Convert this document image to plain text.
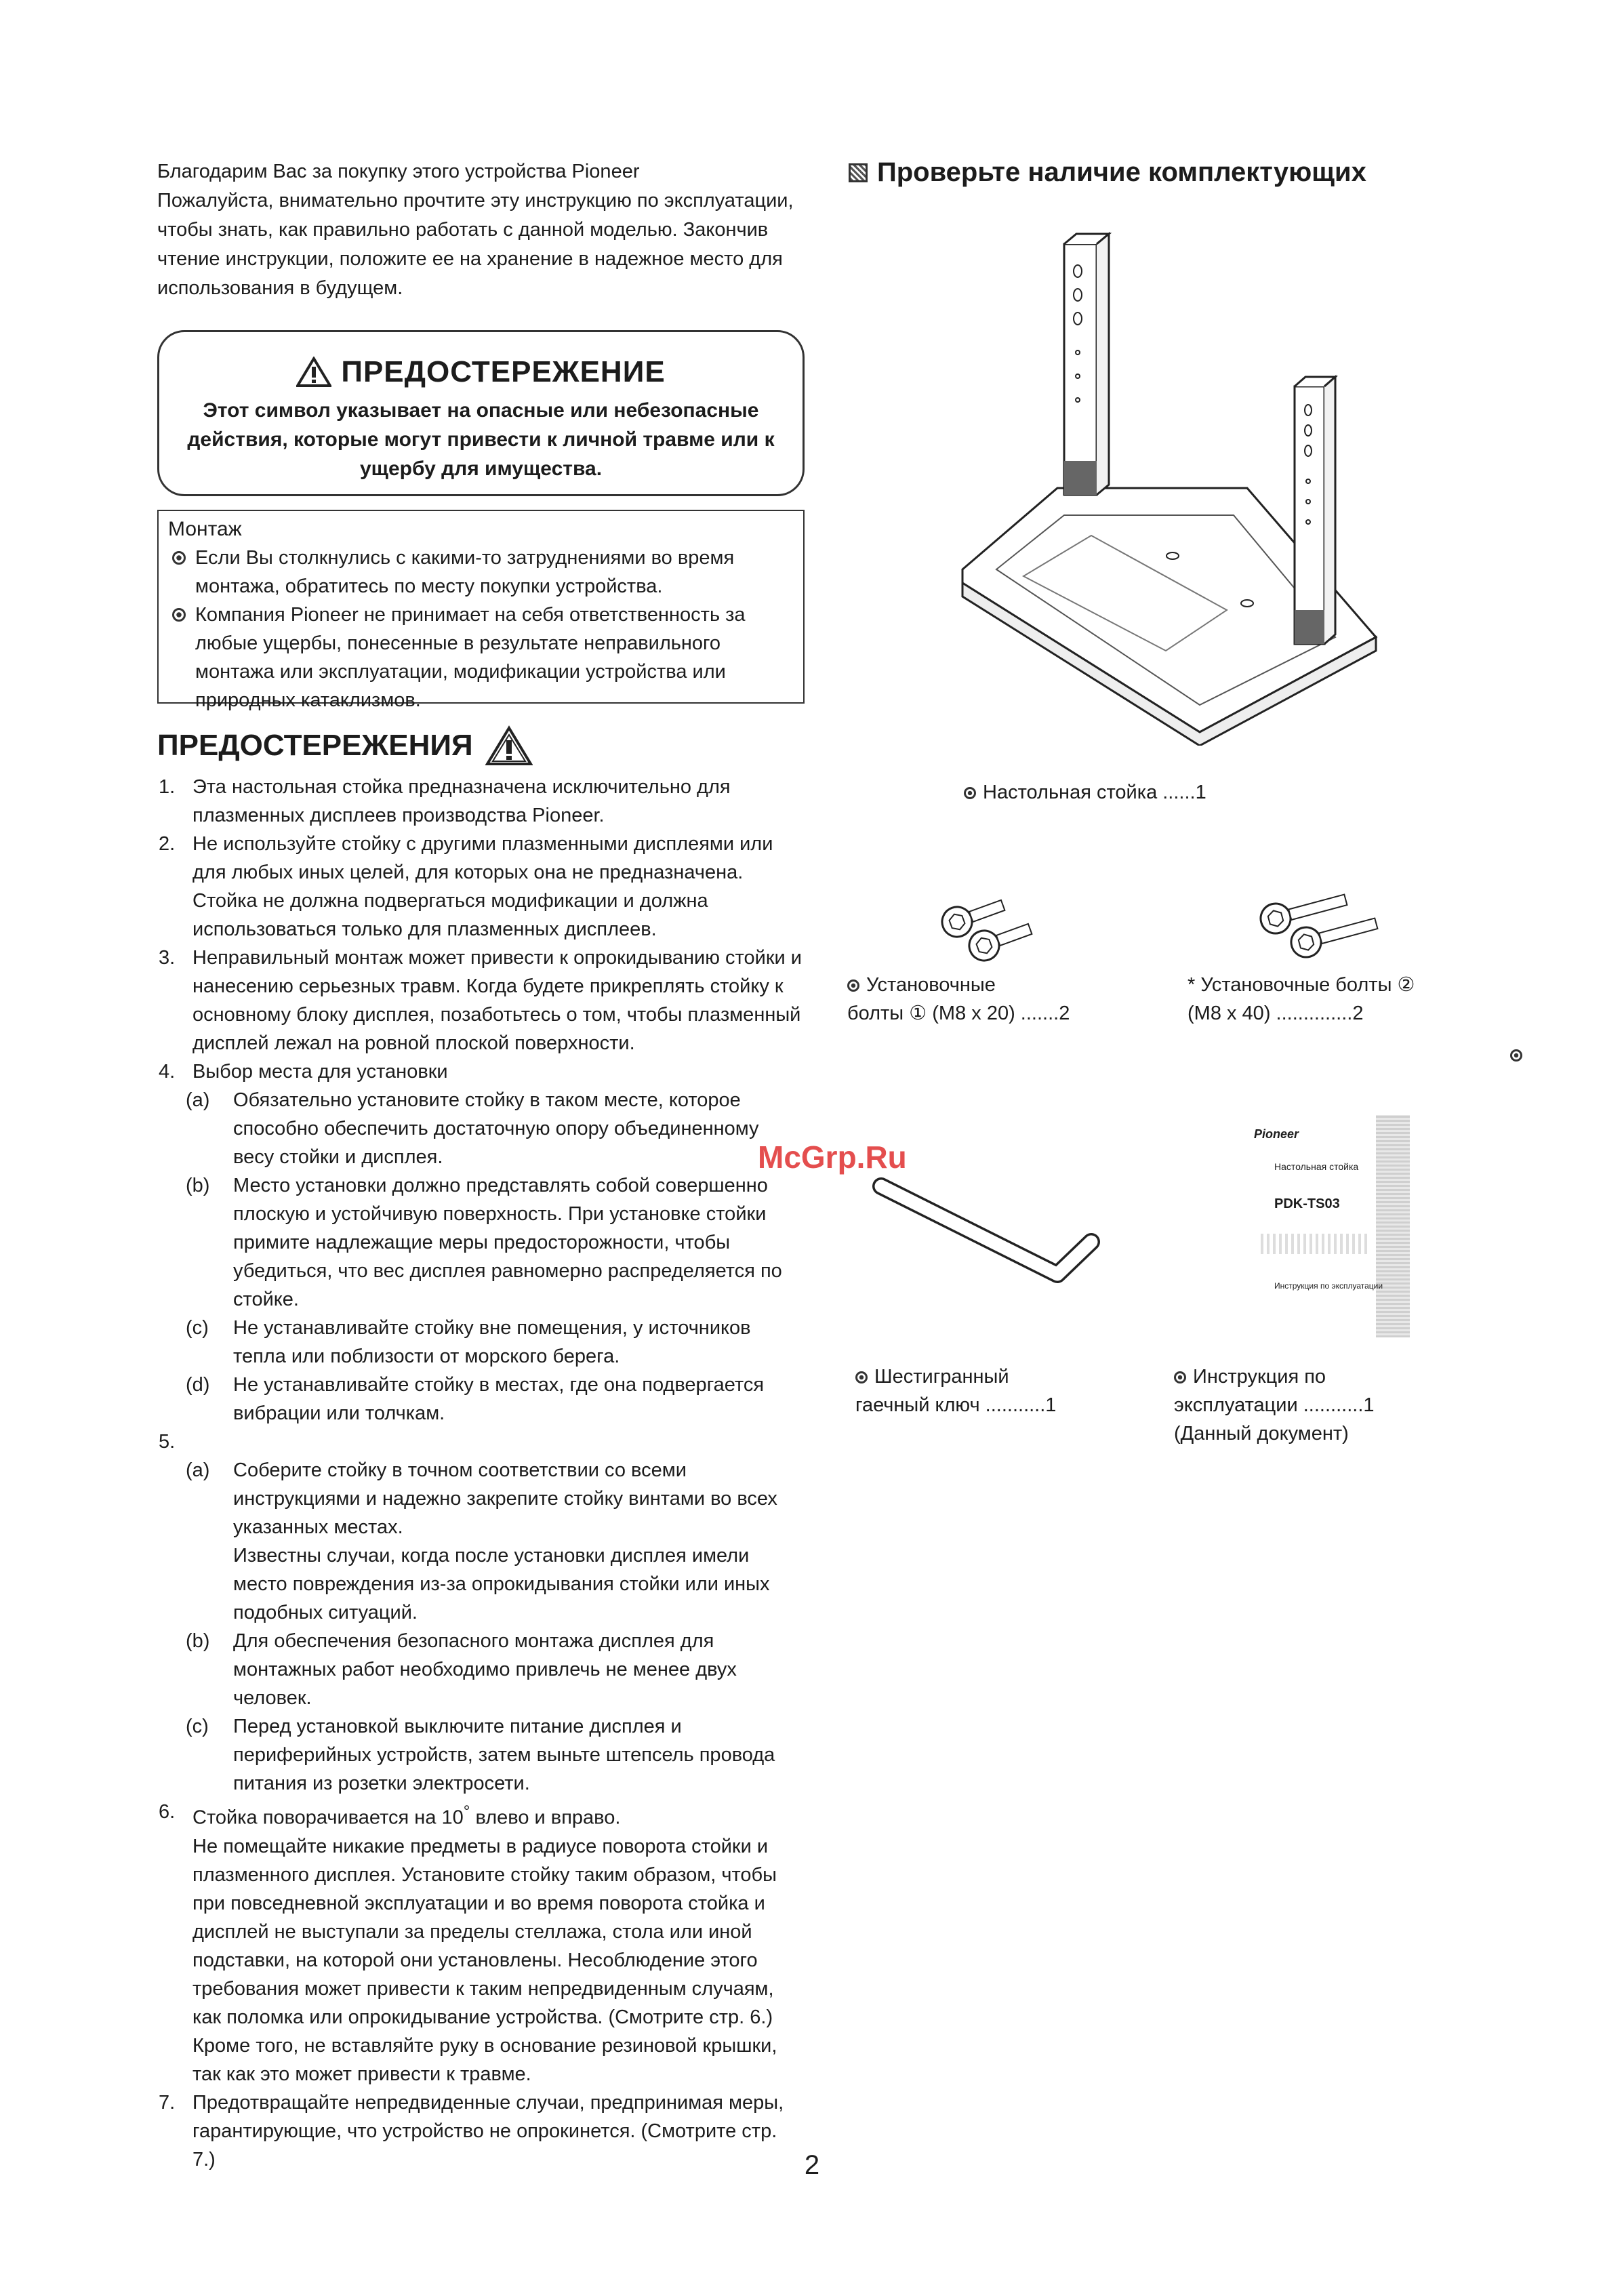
Благодарим Вас за покупку этого устройства Pioneer

Пожалуйста, внимательно прочтите эту инструкцию по эксплуатации, чтобы знать, как правильно работать с данной моделью. Закончив чтение инструкции, положите ее на хранение в надежное место для использования в будущем.

ПРЕДОСТЕРЕЖЕНИЕ
Этот символ указывает на опасные или небезопасные действия, которые могут привести к личной травме или к ущербу для имущества.
Монтаж
Если Вы столкнулись с какими-то затруднениями во время монтажа, обратитесь по месту покупки устройства.
Компания Pioneer не принимает на себя ответственность за любые ущербы, понесенные в результате неправильного монтажа или эксплуатации, модификации устройства или природных катаклизмов.
ПРЕДОСТЕРЕЖЕНИЯ
1. Эта настольная стойка предназначена исключительно для плазменных дисплеев производства Pioneer.
2. Не используйте стойку с другими плазменными дисплеями или для любых иных целей, для которых она не предназначена. Стойка не должна подвергаться модификации и должна использоваться только для плазменных дисплеев.
3. Неправильный монтаж может привести к опрокидыванию стойки и нанесению серьезных травм. Когда будете прикреплять стойку к основному блоку дисплея, позаботьтесь о том, чтобы плазменный дисплей лежал на ровной плоской поверхности.
4. Выбор места для установки
(a) Обязательно установите стойку в таком месте, которое способно обеспечить достаточную опору объединенному весу стойки и дисплея.
(b) Место установки должно представлять собой совершенно плоскую и устойчивую поверхность. При установке стойки примите надлежащие меры предосторожности, чтобы убедиться, что вес дисплея равномерно распределяется по стойке.
(c) Не устанавливайте стойку вне помещения, у источников тепла или поблизости от морского берега.
(d) Не устанавливайте стойку в местах, где она подвергается вибрации или толчкам.
5.

(a) Соберите стойку в точном соответствии со всеми инструкциями и надежно закрепите стойку винтами во всех указанных местах.
Известны случаи, когда после установки дисплея имели место повреждения из-за опрокидывания стойки или иных подобных ситуаций.
(b) Для обеспечения безопасного монтажа дисплея для монтажных работ необходимо привлечь не менее двух человек.
(c) Перед установкой выключите питание дисплея и периферийных устройств, затем выньте штепсель провода питания из розетки электросети.
6. Стойка поворачивается на 10° влево и вправо.
Не помещайте никакие предметы в радиусе поворота стойки и плазменного дисплея. Установите стойку таким образом, чтобы при повседневной эксплуатации и во время поворота стойка и дисплей не выступали за пределы стеллажа, стола или иной подставки, на которой они установлены. Несоблюдение этого требования может привести к таким непредвиденным случаям, как поломка или опрокидывание устройства. (Смотрите стр. 6.)
Кроме того, не вставляйте руку в основание резиновой крышки, так как это может привести к травме.
7. Предотвращайте непредвиденные случаи, предпринимая меры, гарантирующие, что устройство не опрокинется. (Смотрите стр. 7.)
Проверьте наличие комплектующих
Настольная стойка ......1
Установочные
болты ① (M8 x 20) .......2
* Установочные болты ②
(M8 x 40) ..............2
Pioneer
Настольная стойка
PDK-TS03
Инструкция по эксплуатации
Шестигранный
гаечный ключ ...........1
Инструкция по
эксплуатации ...........1
(Данный документ)
McGrp.Ru
2
